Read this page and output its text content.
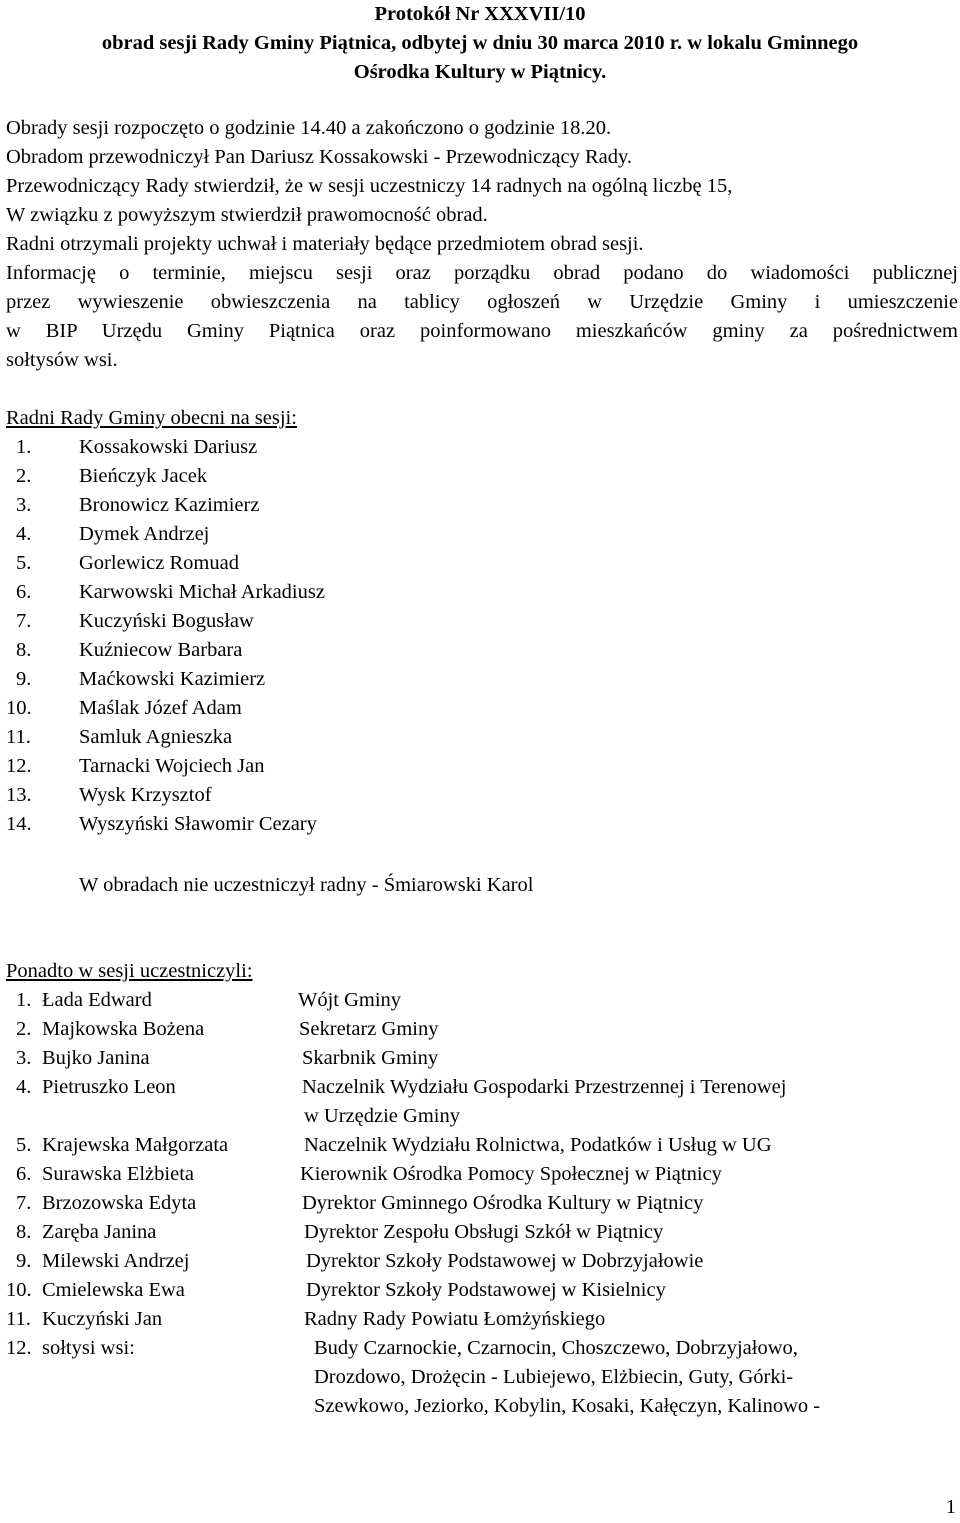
Protokół Nr XXXVII/10
obrad sesji Rady Gminy Piątnica, odbytej w dniu 30 marca 2010 r. w lokalu Gminnego
Ośrodka Kultury w Piątnicy.
Obrady sesji rozpoczęto o godzinie 14.40 a zakończono o godzinie 18.20.
Obradom przewodniczył Pan Dariusz Kossakowski - Przewodniczący Rady.
Przewodniczący Rady stwierdził, że w sesji uczestniczy 14 radnych na ogólną liczbę 15,
W związku z powyższym stwierdził prawomocność obrad.
Radni otrzymali projekty uchwał i materiały będące przedmiotem obrad sesji.
Informację o terminie, miejscu sesji oraz porządku obrad podano do wiadomości publicznej
przez wywieszenie obwieszczenia na tablicy ogłoszeń w Urzędzie Gminy i umieszczenie
w BIP Urzędu Gminy Piątnica oraz poinformowano mieszkańców gminy za pośrednictwem
sołtysów wsi.
Radni Rady Gminy obecni na sesji:
1. Kossakowski Dariusz
2. Bieńczyk Jacek
3. Bronowicz Kazimierz
4. Dymek Andrzej
5. Gorlewicz Romuad
6. Karwowski Michał Arkadiusz
7. Kuczyński Bogusław
8. Kuźniecow Barbara
9. Maćkowski Kazimierz
10. Maślak Józef Adam
11. Samluk Agnieszka
12. Tarnacki Wojciech Jan
13. Wysk Krzysztof
14. Wyszyński Sławomir Cezary
W obradach nie uczestniczył radny - Śmiarowski Karol
Ponadto w sesji uczestniczyli:
1. Łada Edward	Wójt Gminy
2. Majkowska Bożena	Sekretarz Gminy
3. Bujko Janina	Skarbnik Gminy
4. Pietruszko Leon	Naczelnik Wydziału Gospodarki Przestrzennej i Terenowej
w Urzędzie Gminy
5. Krajewska Małgorzata	Naczelnik Wydziału Rolnictwa, Podatków i Usług w UG
6. Surawska Elżbieta	Kierownik Ośrodka Pomocy Społecznej w Piątnicy
7. Brzozowska Edyta	Dyrektor Gminnego Ośrodka Kultury w Piątnicy
8. Zaręba Janina	Dyrektor Zespołu Obsługi Szkół w Piątnicy
9. Milewski Andrzej	Dyrektor Szkoły Podstawowej w Dobrzyjałowie
10. Cmielewska Ewa	Dyrektor Szkoły Podstawowej w Kisielnicy
11. Kuczyński Jan	Radny Rady Powiatu Łomżyńskiego
12. sołtysi wsi:	Budy Czarnockie, Czarnocin, Choszczewo, Dobrzyjałowo,
Drozdowo, Drożęcin - Lubiejewo, Elżbiecin, Guty, Górki-
Szewkowo, Jeziorko, Kobylin, Kosaki, Kałęczyn, Kalinowo -
1
